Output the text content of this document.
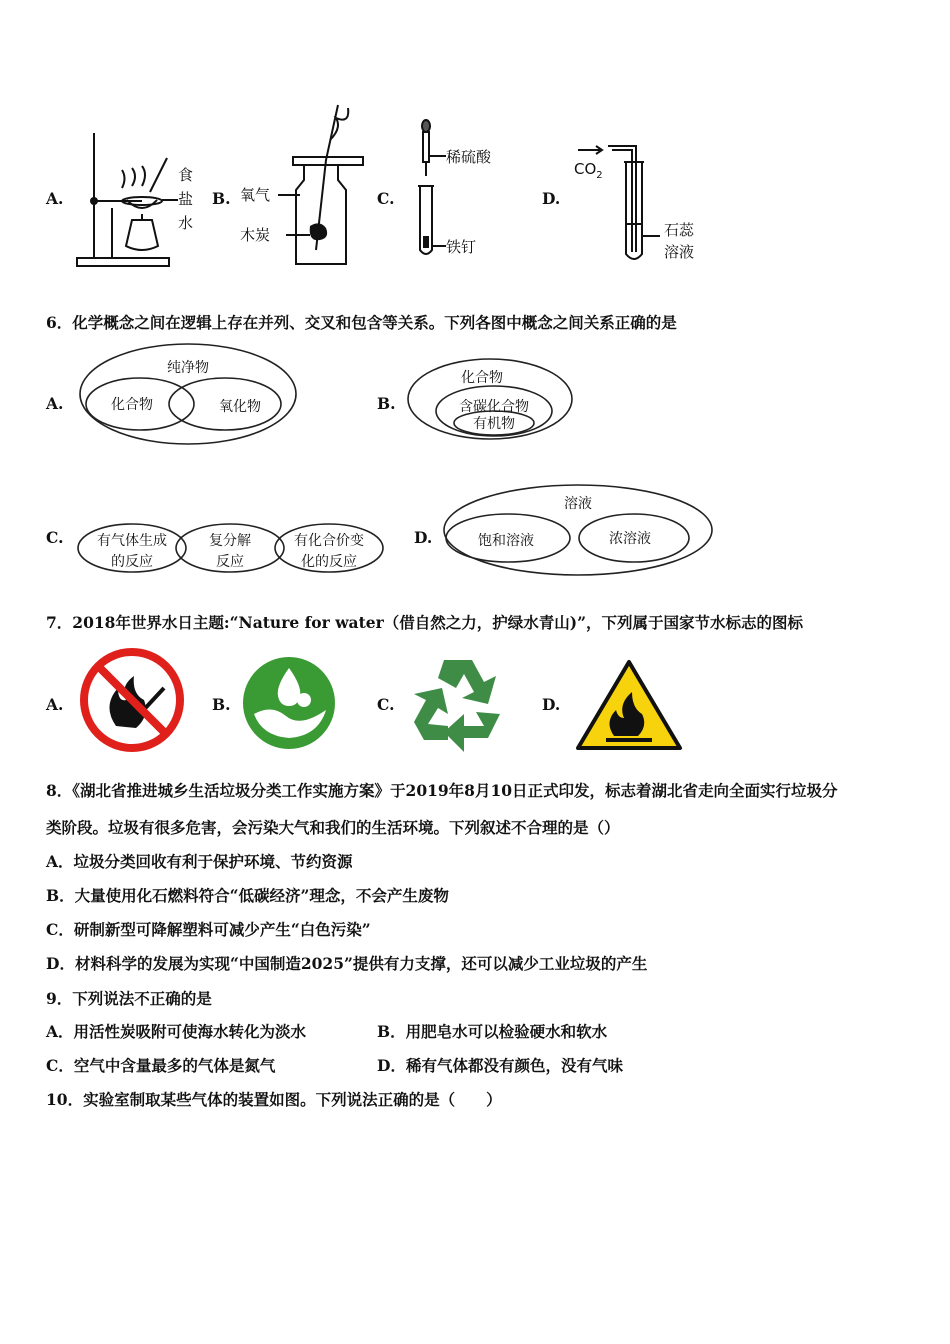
A.	B.	C.	D.
食
盐
水
氧气
木炭
稀硫酸
铁钉
$CO_2$
石蕊
溶液
6．化学概念之间在逻辑上存在并列、交叉和包含等关系。下列各图中概念之间关系正确的是
A.	B.
C.	D.
纯净物
化合物	氧化物
化合物
含碳化合物
有机物
有气体生成
的反应
复分解
反应
有化合价变
化的反应
溶液
饱和溶液	浓溶液
7．2018年世界水日主题:“Nature for water（借自然之力，护绿水青山)”，下列属于国家节水标志的图标
A.	B.	C.	D.
8．《湖北省推进城乡生活垃圾分类工作实施方案》于2019年8月10日正式印发，标志着湖北省走向全面实行垃圾分
类阶段。垃圾有很多危害，会污染大气和我们的生活环境。下列叙述不合理的是（）
A．垃圾分类回收有利于保护环境、节约资源
B．大量使用化石燃料符合“低碳经济”理念，不会产生废物
C．研制新型可降解塑料可减少产生“白色污染”
D．材料科学的发展为实现“中国制造2025”提供有力支撑，还可以减少工业垃圾的产生
9．下列说法不正确的是
A．用活性炭吸附可使海水转化为淡水	B．用肥皂水可以检验硬水和软水
C．空气中含量最多的气体是氮气	D．稀有气体都没有颜色，没有气味
10．实验室制取某些气体的装置如图。下列说法正确的是（　　）
